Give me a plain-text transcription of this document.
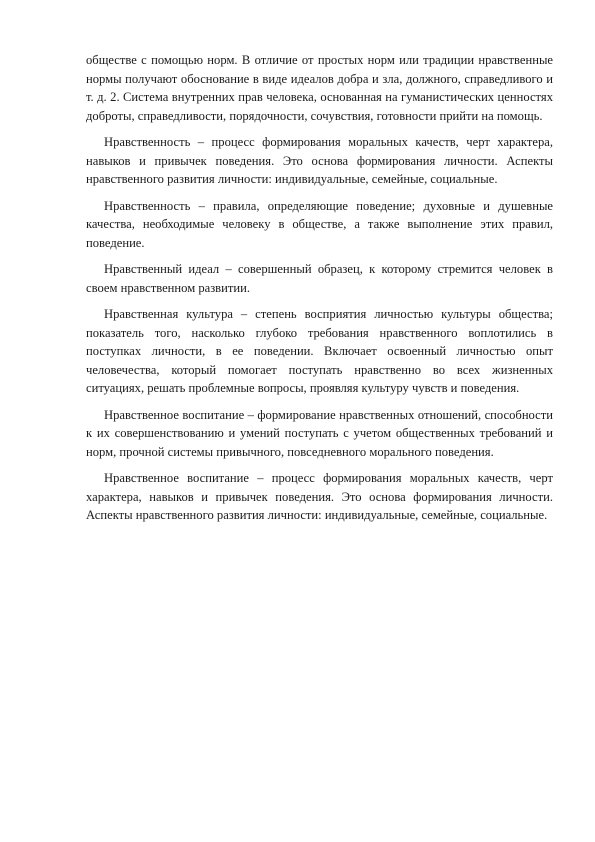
обществе с помощью норм. В отличие от простых норм или традиции нравственные нормы получают обоснование в виде идеалов добра и зла, должного, справедливого и т. д. 2. Система внутренних прав человека, основанная на гуманистических ценностях доброты, справедливости, порядочности, сочувствия, готовности прийти на помощь.

Нравственность – процесс формирования моральных качеств, черт характера, навыков и привычек поведения. Это основа формирования личности. Аспекты нравственного развития личности: индивидуальные, семейные, социальные.

Нравственность – правила, определяющие поведение; духовные и душевные качества, необходимые человеку в обществе, а также выполнение этих правил, поведение.

Нравственный идеал – совершенный образец, к которому стремится человек в своем нравственном развитии.

Нравственная культура – степень восприятия личностью культуры общества; показатель того, насколько глубоко требования нравственного воплотились в поступках личности, в ее поведении. Включает освоенный личностью опыт человечества, который помогает поступать нравственно во всех жизненных ситуациях, решать проблемные вопросы, проявляя культуру чувств и поведения.

Нравственное воспитание – формирование нравственных отношений, способности к их совершенствованию и умений поступать с учетом общественных требований и норм, прочной системы привычного, повседневного морального поведения.

Нравственное воспитание – процесс формирования моральных качеств, черт характера, навыков и привычек поведения. Это основа формирования личности. Аспекты нравственного развития личности: индивидуальные, семейные, социальные.
